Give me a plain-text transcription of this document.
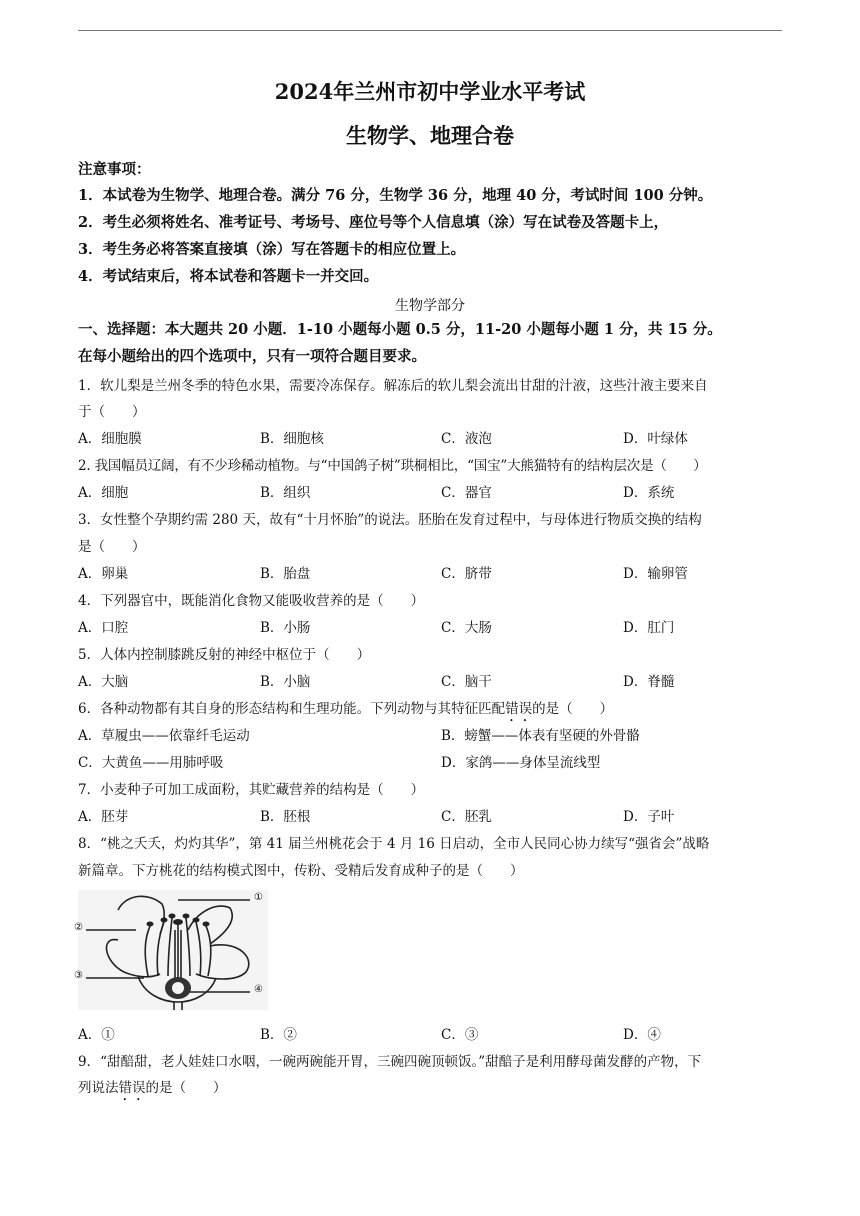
2024年兰州市初中学业水平考试
生物学、地理合卷
注意事项：
1．本试卷为生物学、地理合卷。满分 76 分，生物学 36 分，地理 40 分，考试时间 100 分钟。
2．考生必须将姓名、准考证号、考场号、座位号等个人信息填（涂）写在试卷及答题卡上，
3．考生务必将答案直接填（涂）写在答题卡的相应位置上。
4．考试结束后，将本试卷和答题卡一并交回。
生物学部分
一、选择题：本大题共 20 小题．1-10 小题每小题 0.5 分，11-20 小题每小题 1 分，共 15 分。
在每小题给出的四个选项中，只有一项符合题目要求。
1．软儿梨是兰州冬季的特色水果，需要冷冻保存。解冻后的软儿梨会流出甘甜的汁液，这些汁液主要来自
于（　　）
A．细胞膜	B．细胞核	C．液泡	D．叶绿体
2. 我国幅员辽阔，有不少珍稀动植物。与“中国鸽子树”珙桐相比，“国宝”大熊猫特有的结构层次是（　　）
A．细胞	B．组织	C．器官	D．系统
3．女性整个孕期约需 280 天，故有“十月怀胎”的说法。胚胎在发育过程中，与母体进行物质交换的结构
是（　　）
A．卵巢	B．胎盘	C．脐带	D．输卵管
4．下列器官中，既能消化食物又能吸收营养的是（　　）
A．口腔	B．小肠	C．大肠	D．肛门
5．人体内控制膝跳反射的神经中枢位于（　　）
A．大脑	B．小脑	C．脑干	D．脊髓
6．各种动物都有其自身的形态结构和生理功能。下列动物与其特征匹配错误的是（　　）
A．草履虫——依靠纤毛运动	B．螃蟹——体表有坚硬的外骨骼
C．大黄鱼——用肺呼吸	D．家鸽——身体呈流线型
7．小麦种子可加工成面粉，其贮藏营养的结构是（　　）
A．胚芽	B．胚根	C．胚乳	D．子叶
8．“桃之夭夭，灼灼其华”，第 41 届兰州桃花会于 4 月 16 日启动，全市人民同心协力续写“强省会”战略
新篇章。下方桃花的结构模式图中，传粉、受精后发育成种子的是（　　）
①
②
③
④
A．①	B．②	C．③	D．④
9．“甜醅甜，老人娃娃口水咽，一碗两碗能开胃，三碗四碗顶顿饭。”甜醅子是利用酵母菌发酵的产物，下
列说法错误的是（　　）
